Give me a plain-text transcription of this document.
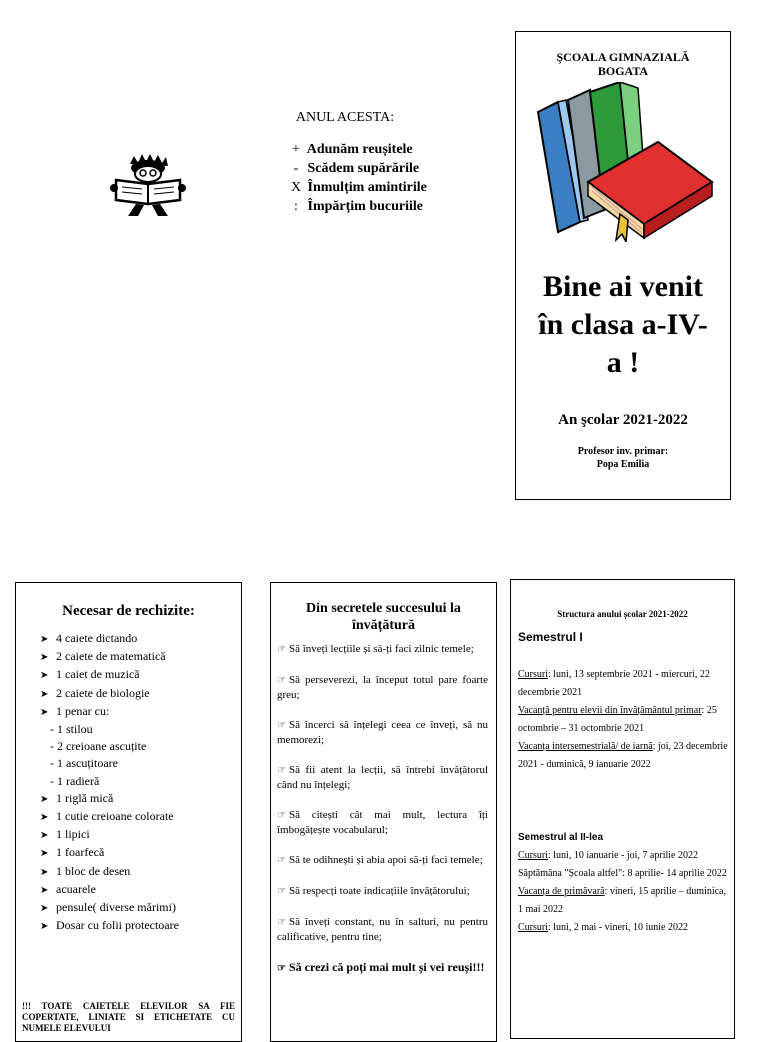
ANUL ACESTA:
+ Adunăm reușitele
- Scădem supărările
X Înmulțim amintirile
: Împărțim bucuriile
ŞCOALA GIMNAZIALĂ
BOGATA
Bine ai venit
în clasa a-IV-
a !
An şcolar 2021-2022
Profesor inv. primar:
Popa Emilia
Necesar de rechizite:
➤ 4 caiete dictando
➤ 2 caiete de matematică
➤ 1 caiet de muzică
➤ 2 caiete de biologie
➤ 1 penar cu:
- 1 stilou
- 2 creioane ascuțite
- 1 ascuțitoare
- 1 radieră
➤ 1 riglă mică
➤ 1 cutie creioane colorate
➤ 1 lipici
➤ 1 foarfecă
➤ 1 bloc de desen
➤ acuarele
➤ pensule( diverse mărimi)
➤ Dosar cu folii protectoare
!!! TOATE CAIETELE ELEVILOR SA FIE COPERTATE, LINIATE SI ETICHETATE CU NUMELE ELEVULUI
Din secretele succesului la
învățătură
☞ Să înveți lecțiile și să-ți faci zilnic temele;
☞ Să perseverezi, la început totul pare foarte greu;
☞ Să încerci să înțelegi ceea ce înveți, să nu memorezi;
☞ Să fii atent la lecții, să întrebi învățătorul când nu înțelegi;
☞ Să citești cât mai mult, lectura îți îmbogățește vocabularul;
☞ Să te odihnești și abia apoi să-ți faci temele;
☞ Să respecți toate indicațiile învățătorului;
☞ Să înveți constant, nu în salturi, nu pentru calificative, pentru tine;
☞ Să crezi că poți mai mult și vei reuși!!!
Structura anului școlar 2021-2022
Semestrul I
Cursuri: luni, 13 septembrie 2021 - miercuri, 22 decembrie 2021
Vacanță pentru elevii din învățământul primar: 25 octombrie – 31 octombrie 2021
Vacanța intersemestrială/ de iarnă: joi, 23 decembrie 2021 - duminică, 9 ianuarie 2022
Semestrul al II-lea
Cursuri: luni, 10 ianuarie - joi, 7 aprilie 2022
Săptămâna "Școala altfel": 8 aprilie- 14 aprilie 2022
Vacanța de primăvară: vineri, 15 aprilie – duminica, 1 mai 2022
Cursuri: luni, 2 mai - vineri, 10 iunie 2022
